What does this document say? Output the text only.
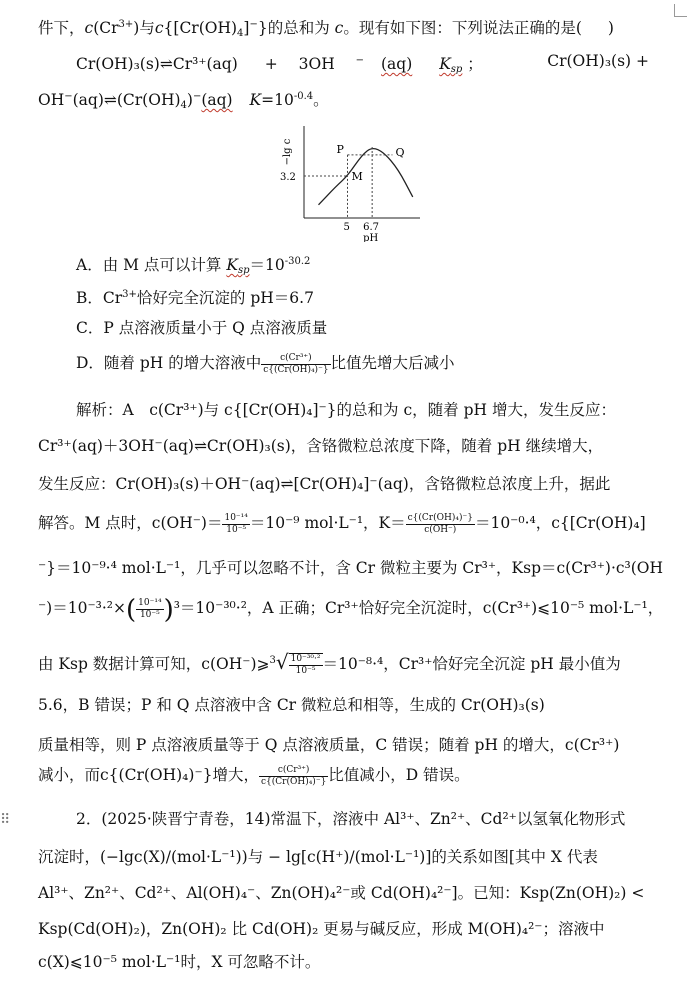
件下，$c(Cr^{3+})$与c{[Cr(OH)4]−}的总和为 c。现有如下图：下列说法正确的是( )
Cr(OH)₃(s)⇌Cr³⁺(aq) + 3OH − (aq) Ksp ；	Cr(OH)₃(s) +
OH−(aq)⇌(Cr(OH)4)−(aq) $K=10^{-0.4}$。
P	Q
M
5 6.7
3.2
pH
−lg c
A．由 M 点可以计算 $Ksp=10^{-30.2}$
B．$Cr^{3+}$恰好完全沉淀的 pH＝6.7
C．P 点溶液质量小于 Q 点溶液质量
D．随着 pH 的增大溶液中 $\frac{\text{c(Cr³⁺)}}{\text{c\{(Cr(OH)₄)⁻\}}}$ 比值先增大后减小
解析：A　c(Cr³⁺)与 c{[Cr(OH)₄]⁻}的总和为 c，随着 pH 增大，发生反应：
Cr³⁺(aq)＋3OH⁻(aq)⇌Cr(OH)₃(s)，含铬微粒总浓度下降，随着 pH 继续增大，
发生反应：Cr(OH)₃(s)＋OH⁻(aq)⇌[Cr(OH)₄]⁻(aq)，含铬微粒总浓度上升，据此
解答。M 点时，$c(OH^-)= \frac{\text{10⁻¹⁴}}{\text{10⁻⁵}} =10^{-9}$ mol·L⁻¹，$K= \frac{\text{c\{(Cr(OH)₄)⁻\}}}{c(OH^-)} =10^{-0}\cdot^4$，c{[Cr(OH)₄]
⁻}＝10⁻⁹·⁴ mol·L⁻¹，几乎可以忽略不计，含 Cr 微粒主要为 Cr³⁺，Ksp＝c(Cr³⁺)·c³(OH
$^-)=10^{-3}\cdot^2\times( \frac{\text{10⁻¹⁴}}{\text{10⁻⁵}} )^3=10^{-30}\cdot^2$，A 正确；Cr³⁺恰好完全沉淀时，c(Cr³⁺)⩽10⁻⁵ mol·L⁻¹，
由 Ksp 数据计算可知，c(OH⁻)⩾$^3$√ $\frac{\text{10⁻³⁰·²}}{\text{10⁻⁵}} =10^{-8}\cdot^4$，Cr³⁺恰好完全沉淀 pH 最小值为
5.6，B 错误；P 和 Q 点溶液中含 Cr 微粒总和相等，生成的 Cr(OH)₃(s)
质量相等，则 P 点溶液质量等于 Q 点溶液质量，C 错误；随着 pH 的增大，c(Cr³⁺)
减小，而c{(Cr(OH)₄)⁻}增大， $\frac{\text{c(Cr³⁺)}}{\text{c\{(Cr(OH)₄)⁻\}}}$ 比值减小，D 错误。
⠿	2．(2025·陕晋宁青卷，14)常温下，溶液中 Al³⁺、Zn²⁺、Cd²⁺以氢氧化物形式
沉淀时，(−lgc(X)/(mol·L⁻¹))与 − lg[c(H⁺)/(mol·L⁻¹)]的关系如图[其中 X 代表
Al³⁺、Zn²⁺、Cd²⁺、Al(OH)₄⁻、Zn(OH)₄²⁻或 Cd(OH)₄²⁻]。已知：Ksp(Zn(OH)₂) <
Ksp(Cd(OH)₂)，Zn(OH)₂ 比 Cd(OH)₂ 更易与碱反应，形成 M(OH)₄²⁻；溶液中
c(X)⩽10⁻⁵ mol·L⁻¹时，X 可忽略不计。
